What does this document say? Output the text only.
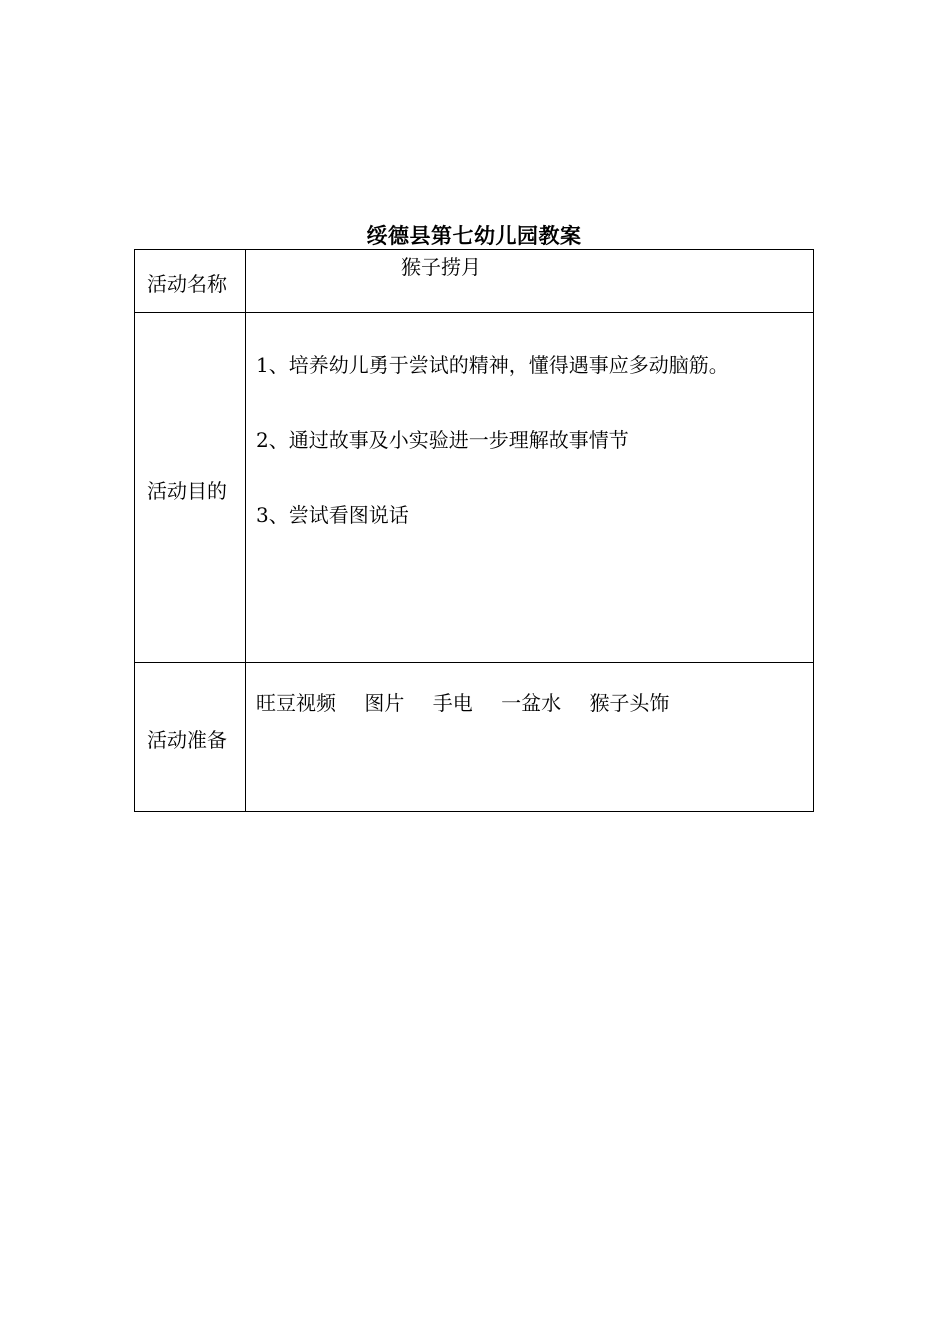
绥德县第七幼儿园教案
活动名称	猴子捞月

活动目的	1、培养幼儿勇于尝试的精神，懂得遇事应多动脑筋。
2、通过故事及小实验进一步理解故事情节
3、尝试看图说话

活动准备	旺豆视频 图片 手电 一盆水 猴子头饰
